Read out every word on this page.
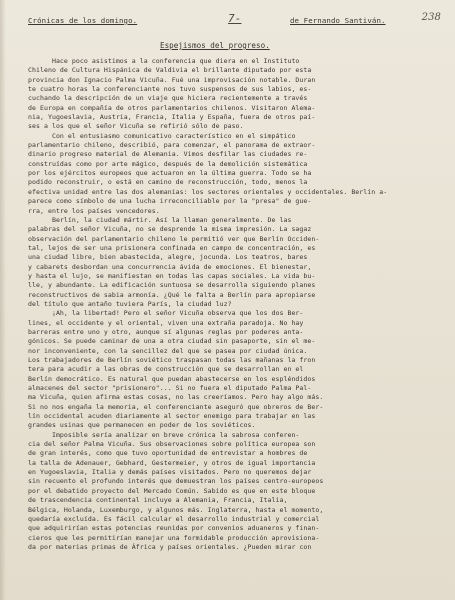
Crónicas de los domingo.	7-	de Fernando Santiván.	238
Espejismos del progreso.
Hace poco asistimos a la conferencia que diera en el Instituto
Chileno de Cultura Hispánica de Valdivia el brillante diputado por esta
provincia don Ignacio Palma Vicuña. Fué una improvisación notable. Duran
te cuatro horas la conferenciante nos tuvo suspensos de sus labios, es-
cuchando la descripción de un viaje que hiciera recientemente a través
de Europa en compañía de otros parlamentarios chilenos. Visitaron Alema-
nia, Yugoeslavia, Austria, Francia, Italia y España, fuera de otros paí-
ses a los que el señor Vicuña se refirió sólo de paso.
Con el entusiasmo comunicativo característico en el simpático
parlamentario chileno, describió, para comenzar, el panorama de extraor-
dinario progreso material de Alemania. Vimos desfilar las ciudades re-
construídas como por arte mágico, después de la demolición sistemática
por los ejércitos europeos que actuaron en la última guerra. Todo se ha
podido reconstruir, o está en camino de reconstrucción, todo, menos la
efectiva unidad entre las dos alemanias: los sectores orientales y occidentales. Berlín a-
parece como símbolo de una lucha irreconciliable por la "presa" de gue-
rra, entre los países vencedores.
Berlín, la ciudad mártir. Así la llaman generalmente. De las
palabras del señor Vicuña, no se desprende la misma impresión. La sagaz
observación del parlamentario chileno le permitió ver que Berlín Occiden-
tal, lejos de ser una prisionera confinada en campo de concentración, es
una ciudad libre, bien abastecida, alegre, jocunda. Los teatros, bares
y cabarets desbordan una concurrencia ávida de emociones. El bienestar,
y hasta el lujo, se manifiestan en todas las capas sociales. La vida bu-
lle, y abundante. La edificación suntuosa se desarrolla siguiendo planes
reconstructivos de sabia armonía. ¿Qué le falta a Berlín para apropiarse
del título que antaño tuviera París, la ciudad luz?
¡Ah, la libertad! Pero el señor Vicuña observa que los dos Ber-
lines, el occidente y el oriental, viven una extraña paradoja. No hay
barreras entre uno y otro, aunque sí algunas reglas por poderes anta-
gónicos. Se puede caminar de una a otra ciudad sin pasaporte, sin el me-
nor inconveniente, con la sencillez del que se pasea por ciudad única.
Los trabajadores de Berlín soviético traspasan todas las mañanas la fron
tera para acudir a las obras de construcción que se desarrollan en el
Berlín democrático. Es natural que puedan abastecerse en los espléndidos
almacenes del sector "prisionero"... Si no fuera el diputado Palma Pal-
ma Vicuña, quien afirma estas cosas, no las creeríamos. Pero hay algo más.
Si no nos engaña la memoria, el conferenciante aseguró que obreros de Ber-
lín occidental acuden diariamente al sector enemigo para trabajar en las
grandes usinas que permanecen en poder de los soviéticos.
Imposible sería analizar en breve crónica la sabrosa conferen-
cia del señor Palma Vicuña. Sus observaciones sobre política europea son
de gran interés, como que tuvo oportunidad de entrevistar a hombres de
la talla de Adenauer, Gebhard, Gestermeier, y otros de igual importancia
en Yugoeslavia, Italia y demás países visitados. Pero no queremos dejar
sin recuento el profundo interés que demuestran los países centro-europeos
por el debatido proyecto del Mercado Común. Sabido es que en este bloque
de trascendencia continental incluye a Alemania, Francia, Italia,
Bélgica, Holanda, Luxemburgo, y algunos más. Inglaterra, hasta el momento,
quedaría excluída. Es fácil calcular el desarrollo industrial y comercial
que adquirirían estas potencias reunidas por convenios aduaneros y finan-
cieros que les permitirían manejar una formidable producción aprovisiona-
da por materias primas de África y países orientales. ¿Pueden mirar con
